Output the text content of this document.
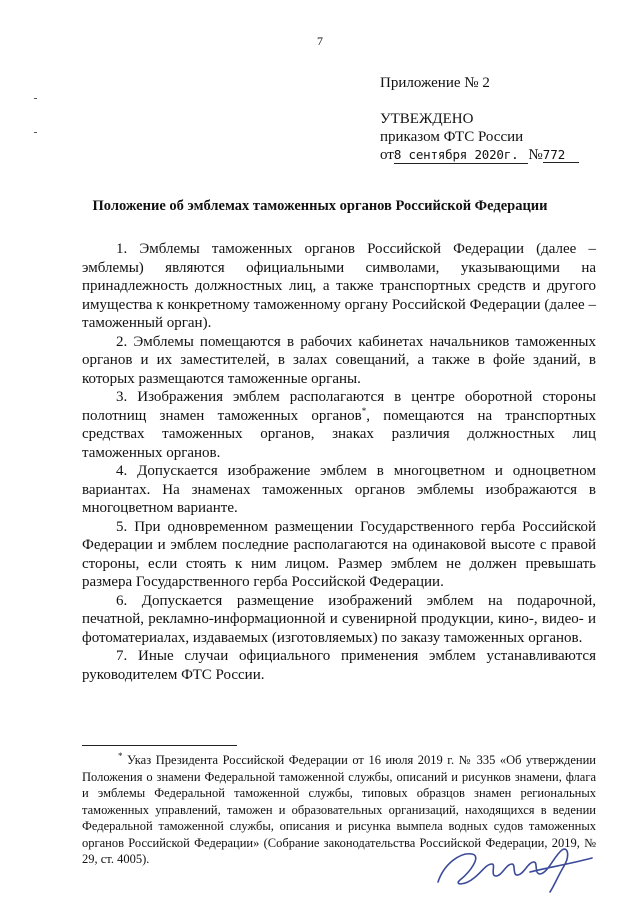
7
Приложение № 2
УТВЕЖДЕНО
приказом ФТС России
от8 сентября 2020г. №772
Положение об эмблемах таможенных органов Российской Федерации

1. Эмблемы таможенных органов Российской Федерации (далее – эмблемы) являются официальными символами, указывающими на принадлежность должностных лиц, а также транспортных средств и другого имущества к конкретному таможенному органу Российской Федерации (далее – таможенный орган).

2. Эмблемы помещаются в рабочих кабинетах начальников таможенных органов и их заместителей, в залах совещаний, а также в фойе зданий, в которых размещаются таможенные органы.

3. Изображения эмблем располагаются в центре оборотной стороны полотнищ знамен таможенных органов*, помещаются на транспортных средствах таможенных органов, знаках различия должностных лиц таможенных органов.

4. Допускается изображение эмблем в многоцветном и одноцветном вариантах. На знаменах таможенных органов эмблемы изображаются в многоцветном варианте.

5. При одновременном размещении Государственного герба Российской Федерации и эмблем последние располагаются на одинаковой высоте с правой стороны, если стоять к ним лицом. Размер эмблем не должен превышать размера Государственного герба Российской Федерации.

6. Допускается размещение изображений эмблем на подарочной, печатной, рекламно-информационной и сувенирной продукции, кино-, видео- и фотоматериалах, издаваемых (изготовляемых) по заказу таможенных органов.

7. Иные случаи официального применения эмблем устанавливаются руководителем ФТС России.

* Указ Президента Российской Федерации от 16 июля 2019 г. № 335 «Об утверждении Положения о знамени Федеральной таможенной службы, описаний и рисунков знамени, флага и эмблемы Федеральной таможенной службы, типовых образцов знамен региональных таможенных управлений, таможен и образовательных организаций, находящихся в ведении Федеральной таможенной службы, описания и рисунка вымпела водных судов таможенных органов Российской Федерации» (Собрание законодательства Российской Федерации, 2019, № 29, ст. 4005).
